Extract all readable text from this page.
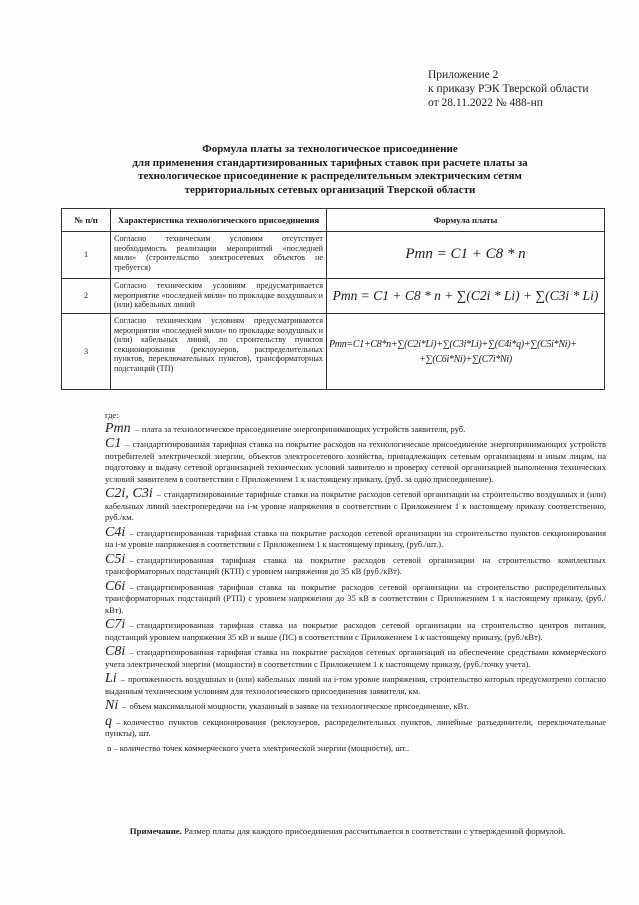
Приложение 2
к приказу РЭК Тверской области
от 28.11.2022 № 488-нп
Формула платы за технологическое присоединение
для применения стандартизированных тарифных ставок при расчете платы за
технологическое присоединение к распределительным электрическим сетям
территориальных сетевых организаций Тверской области
№ п/п	Характеристика технологического присоединения	Формула платы
1	Согласно техническим условиям отсутствует необходимость реализации мероприятий «последней мили» (строительство электросетевых объектов не требуется)	Pтп = C1 + C8 * n
2	Согласно техническим условиям предусматривается мероприятие «последней мили» по прокладке воздушных и (или) кабельных линий	Pтп = C1 + C8 * n + ∑(C2i * Li) + ∑(C3i * Li)
3	Согласно техническим условиям предусматриваются мероприятия «последней мили» по прокладке воздушных и (или) кабельных линий, по строительству пунктов секционирования (реклоузеров, распределительных пунктов, переключательных пунктов), трансформаторных подстанций (ТП)	Pтп=C1+C8*n+∑(C2i*Li)+∑(C3i*Li)+∑(C4i*q)+∑(C5i*Ni)+
+∑(C6i*Ni)+∑(C7i*Ni)

где:

Pтп – плата за технологическое присоединение энергопринимающих устройств заявителя, руб.

C1 – стандартизированная тарифная ставка на покрытие расходов на технологическое присоединение энергопринимающих устройств потребителей электрической энергии, объектов электросетевого хозяйства, принадлежащих сетевым организациям и иным лицам, на подготовку и выдачу сетевой организацией технических условий заявителю и проверку сетевой организацией выполнения технических условий заявителем в соответствии с Приложением 1 к настоящему приказу, (руб. за одно присоединение).

C2i, C3i – стандартизированные тарифные ставки на покрытие расходов сетевой организации на строительство воздушных и (или) кабельных линий электропередачи на i-м уровне напряжения в соответствии с Приложением 1 к настоящему приказу соответственно, руб./км.

C4i – стандартизированная тарифная ставка на покрытие расходов сетевой организации на строительство пунктов секционирования на i-м уровне напряжения в соответствии с Приложением 1 к настоящему приказу, (руб./шт.).

C5i – стандартизированная тарифная ставка на покрытие расходов сетевой организации на строительство комплектных трансформаторных подстанций (КТП) с уровнем напряжения до 35 кВ (руб./кВт).

C6i – стандартизированная тарифная ставка на покрытие расходов сетевой организации на строительство распределительных трансформаторных подстанций (РТП) с уровнем напряжения до 35 кВ в соответствии с Приложением 1 к настоящему приказу, (руб./кВт).

C7i – стандартизированная тарифная ставка на покрытие расходов сетевой организации на строительство центров питания, подстанций уровнем напряжения 35 кВ и выше (ПС) в соответствии с Приложением 1 к настоящему приказу, (руб./кВт).

C8i – стандартизированная тарифная ставка на покрытие расходов сетевых организаций на обеспечение средствами коммерческого учета электрической энергии (мощности) в соответствии с Приложением 1 к настоящему приказу, (руб./точку учета).

Li – протяженность воздушных и (или) кабельных линий на i-том уровне напряжения, строительство которых предусмотрено согласно выданным техническим условиям для технологического присоединения заявителя, км.

Ni – объем максимальной мощности, указанный в заявке на технологическое присоединение, кВт.

q – количество пунктов секционирования (реклоузеров, распределительных пунктов, линейные разъединители, переключательные пункты), шт.

n – количество точек коммерческого учета электрической энергии (мощности), шт..

Примечание. Размер платы для каждого присоединения рассчитывается в соответствии с утвержденной формулой.
